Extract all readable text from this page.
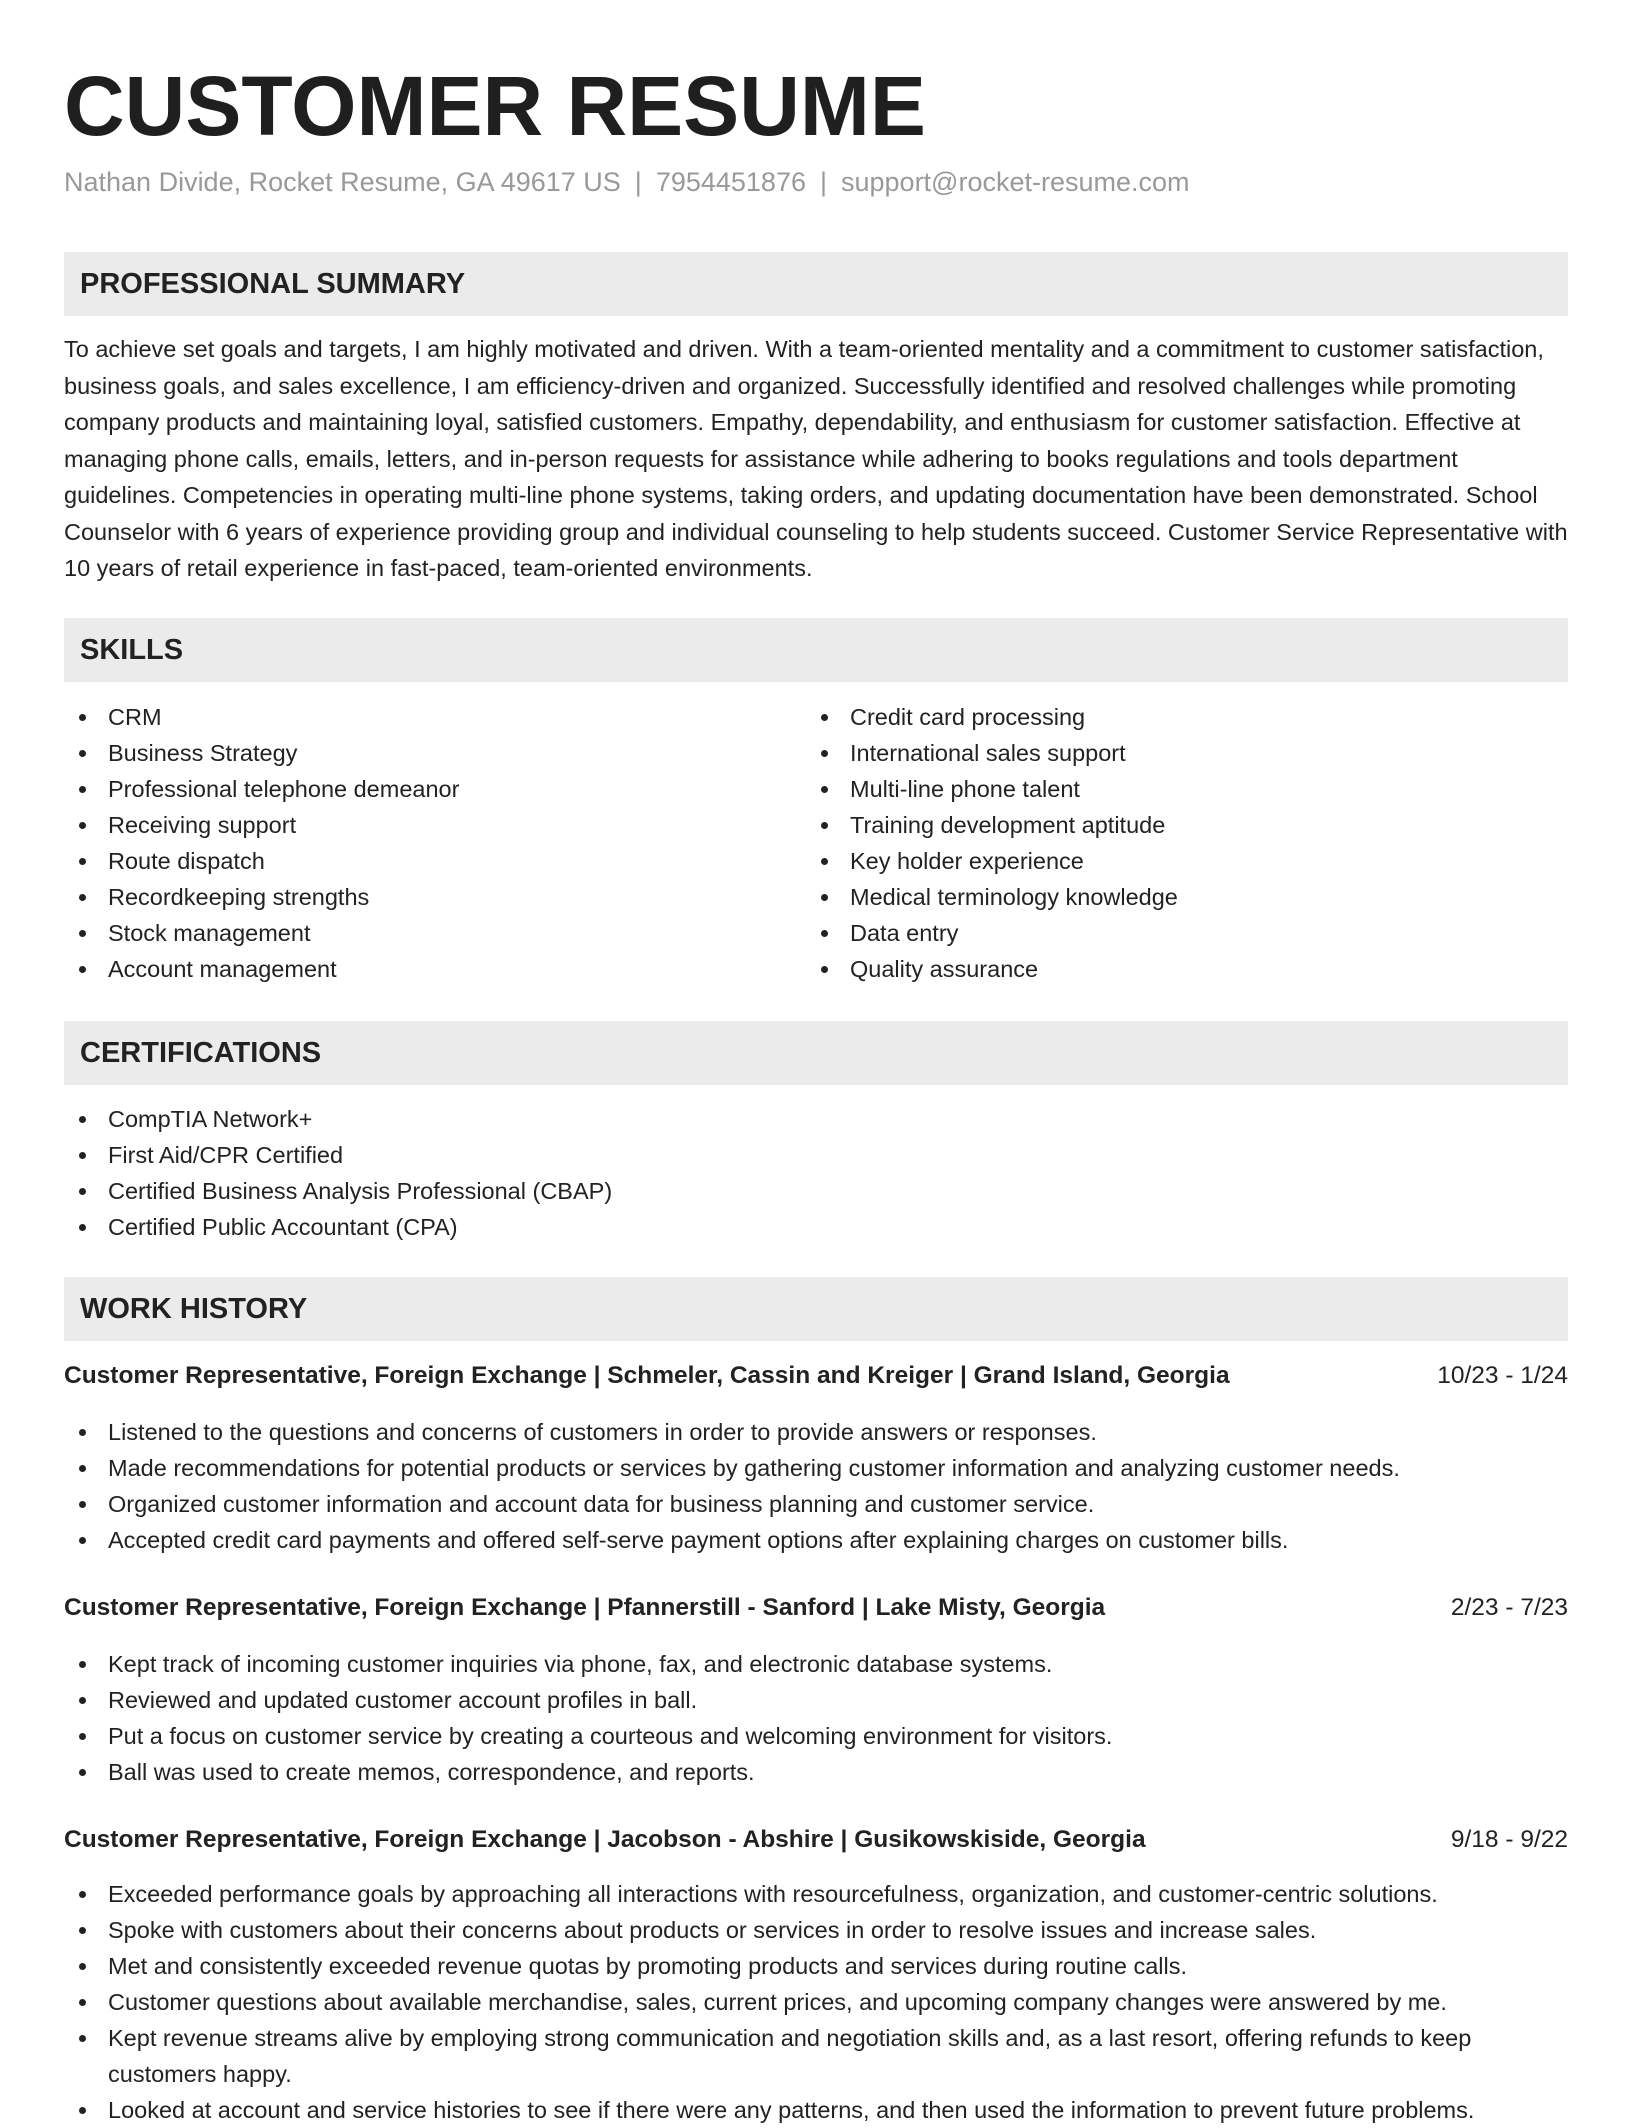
CUSTOMER RESUME
Nathan Divide, Rocket Resume, GA 49617 US | 7954451876 | support@rocket-resume.com
PROFESSIONAL SUMMARY
To achieve set goals and targets, I am highly motivated and driven. With a team-oriented mentality and a commitment to customer satisfaction, business goals, and sales excellence, I am efficiency-driven and organized. Successfully identified and resolved challenges while promoting company products and maintaining loyal, satisfied customers. Empathy, dependability, and enthusiasm for customer satisfaction. Effective at managing phone calls, emails, letters, and in-person requests for assistance while adhering to books regulations and tools department guidelines. Competencies in operating multi-line phone systems, taking orders, and updating documentation have been demonstrated. School Counselor with 6 years of experience providing group and individual counseling to help students succeed. Customer Service Representative with 10 years of retail experience in fast-paced, team-oriented environments.
SKILLS
CRM
Business Strategy
Professional telephone demeanor
Receiving support
Route dispatch
Recordkeeping strengths
Stock management
Account management
Credit card processing
International sales support
Multi-line phone talent
Training development aptitude
Key holder experience
Medical terminology knowledge
Data entry
Quality assurance
CERTIFICATIONS
CompTIA Network+
First Aid/CPR Certified
Certified Business Analysis Professional (CBAP)
Certified Public Accountant (CPA)
WORK HISTORY
Customer Representative, Foreign Exchange | Schmeler, Cassin and Kreiger | Grand Island, Georgia	10/23 - 1/24
Listened to the questions and concerns of customers in order to provide answers or responses.
Made recommendations for potential products or services by gathering customer information and analyzing customer needs.
Organized customer information and account data for business planning and customer service.
Accepted credit card payments and offered self-serve payment options after explaining charges on customer bills.
Customer Representative, Foreign Exchange | Pfannerstill - Sanford | Lake Misty, Georgia	2/23 - 7/23
Kept track of incoming customer inquiries via phone, fax, and electronic database systems.
Reviewed and updated customer account profiles in ball.
Put a focus on customer service by creating a courteous and welcoming environment for visitors.
Ball was used to create memos, correspondence, and reports.
Customer Representative, Foreign Exchange | Jacobson - Abshire | Gusikowskiside, Georgia	9/18 - 9/22
Exceeded performance goals by approaching all interactions with resourcefulness, organization, and customer-centric solutions.
Spoke with customers about their concerns about products or services in order to resolve issues and increase sales.
Met and consistently exceeded revenue quotas by promoting products and services during routine calls.
Customer questions about available merchandise, sales, current prices, and upcoming company changes were answered by me.
Kept revenue streams alive by employing strong communication and negotiation skills and, as a last resort, offering refunds to keep customers happy.
Looked at account and service histories to see if there were any patterns, and then used the information to prevent future problems.
